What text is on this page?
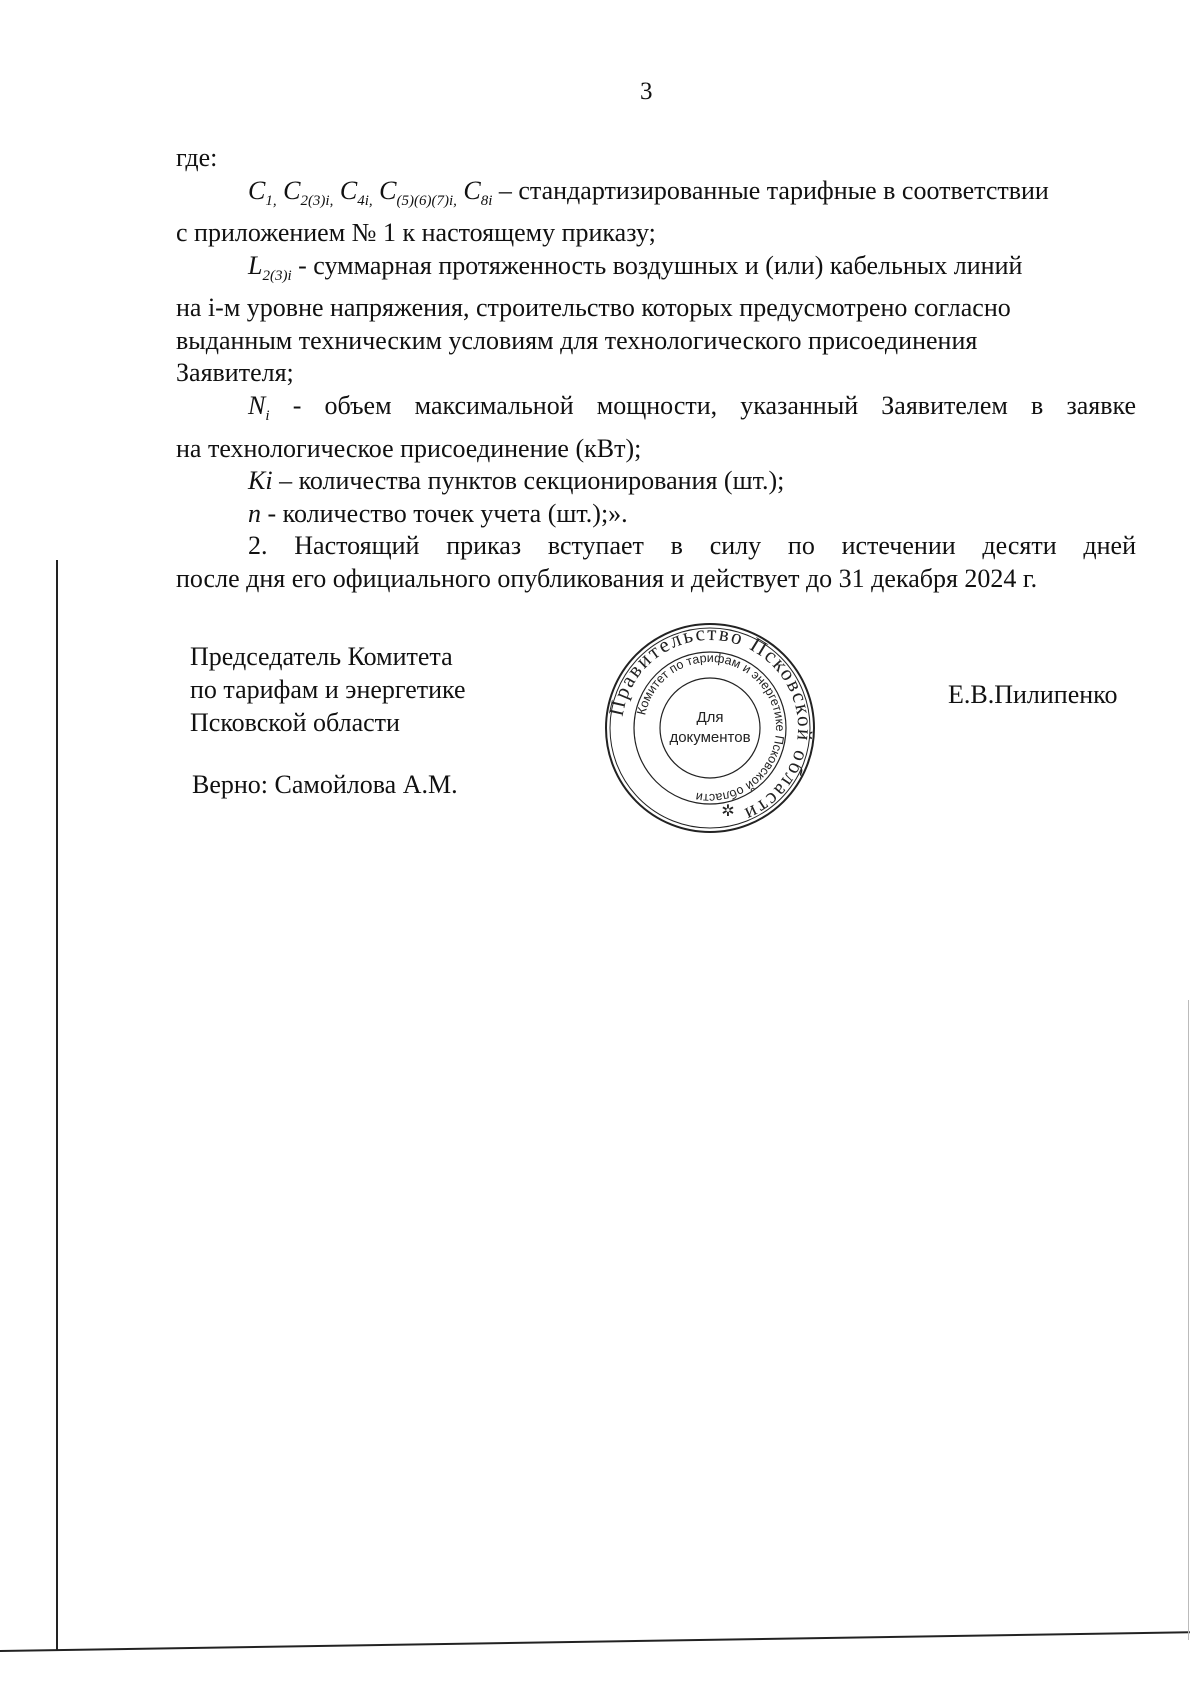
3

где:

$C_{1,}$ $C_{2(3)i,}$ $C_{4i,}$ $C_{(5)(6)(7)i,}$ $C_{8i}$ – стандартизированные тарифные в соответствии

с приложением № 1 к настоящему приказу;

$L_{2(3)i}$ - суммарная протяженность воздушных и (или) кабельных линий

на i-м уровне напряжения, строительство которых предусмотрено согласно

выданным техническим условиям для технологического присоединения

Заявителя;

$N_i$ - объем максимальной мощности, указанный Заявителем в заявке

на технологическое присоединение (кВт);

Ki – количества пунктов секционирования (шт.);

n - количество точек учета (шт.);».

2. Настоящий приказ вступает в силу по истечении десяти дней

после дня его официального опубликования и действует до 31 декабря 2024 г.

Председатель Комитета
по тарифам и энергетике
Псковской области
Е.В.Пилипенко
Верно: Самойлова А.М.
Правительство Псковской области
Комитет по тарифам и энергетике Псковской области
Для
документов
✲
